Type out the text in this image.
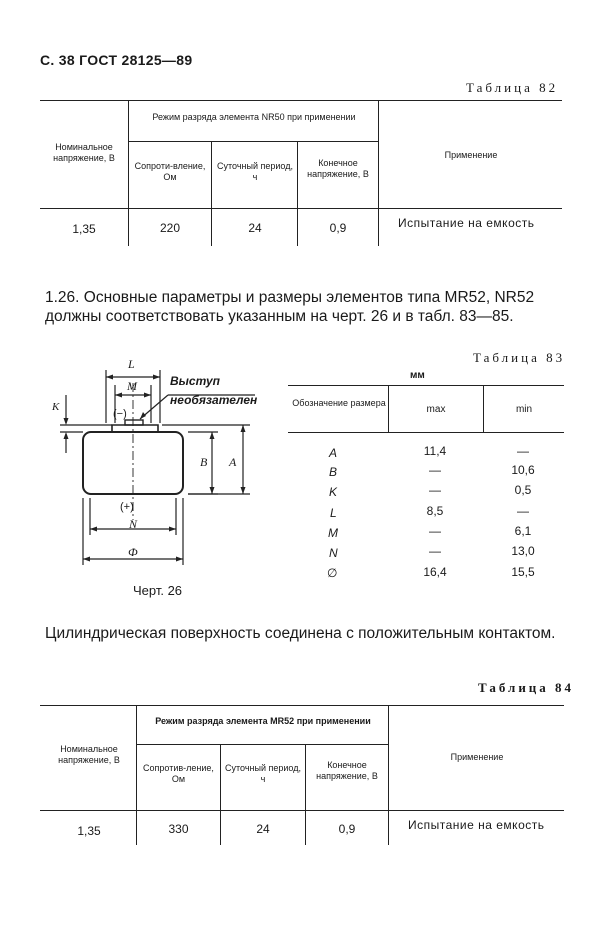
С. 38 ГОСТ 28125—89
Таблица 82
Номинальное напряжение, В
Режим разряда элемента NR50 при применении
Сопроти-вление, Ом
Суточный период, ч
Конечное напряжение, В
Применение
1,35	220	24	0,9	Испытание на емкость
1.26. Основные параметры и размеры элементов типа MR52, NR52 должны соответствовать указанным на черт. 26 и в табл. 83—85.
L
M
K
B A
N
Ф
(−)
(+)
Выступ
необязателен
Черт. 26
Таблица 83
мм
Обозначение размера
max	min
A	11,4	—
B	—	10,6
K	—	0,5
L	8,5	—
M	—	6,1
N	—	13,0
∅	16,4	15,5
Цилиндрическая поверхность соединена с положительным контактом.
Таблица 84
Номинальное напряжение, В
Режим разряда элемента MR52 при применении
Сопротив-ление, Ом
Суточный период, ч
Конечное напряжение, В
Применение
1,35	330	24	0,9	Испытание на емкость
